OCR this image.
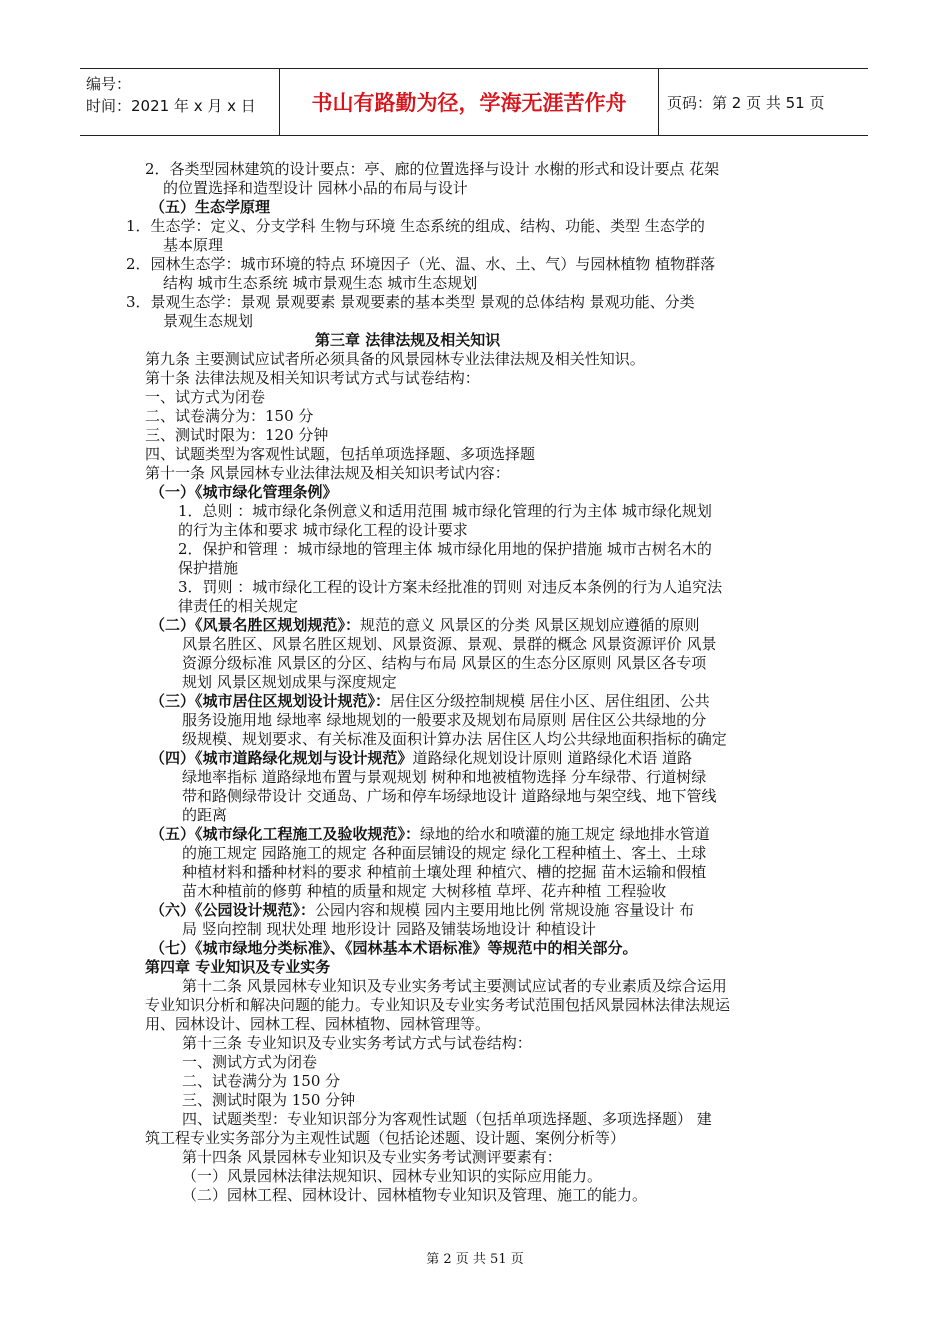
编号：
时间：2021 年 x 月 x 日	书山有路勤为径，学海无涯苦作舟	页码：第 2 页 共 51 页
2．各类型园林建筑的设计要点：亭、廊的位置选择与设计 水榭的形式和设计要点 花架
的位置选择和造型设计 园林小品的布局与设计
（五）生态学原理
1．生态学：定义、分支学科 生物与环境 生态系统的组成、结构、功能、类型 生态学的
基本原理
2．园林生态学：城市环境的特点 环境因子（光、温、水、土、气）与园林植物 植物群落
结构 城市生态系统 城市景观生态 城市生态规划
3．景观生态学：景观 景观要素 景观要素的基本类型 景观的总体结构 景观功能、分类
景观生态规划
第三章 法律法规及相关知识
第九条 主要测试应试者所必须具备的风景园林专业法律法规及相关性知识。
第十条 法律法规及相关知识考试方式与试卷结构：
一、试方式为闭卷
二、试卷满分为：150 分
三、测试时限为：120 分钟
四、试题类型为客观性试题，包括单项选择题、多项选择题
第十一条 风景园林专业法律法规及相关知识考试内容：
（一）《城市绿化管理条例》
1．总则 ：城市绿化条例意义和适用范围 城市绿化管理的行为主体 城市绿化规划
的行为主体和要求 城市绿化工程的设计要求
2．保护和管理 ：城市绿地的管理主体 城市绿化用地的保护措施 城市古树名木的
保护措施
3．罚则 ：城市绿化工程的设计方案未经批准的罚则 对违反本条例的行为人追究法
律责任的相关规定
（二）《风景名胜区规划规范》：规范的意义 风景区的分类 风景区规划应遵循的原则
风景名胜区、风景名胜区规划、风景资源、景观、景群的概念 风景资源评价 风景
资源分级标准 风景区的分区、结构与布局 风景区的生态分区原则 风景区各专项
规划 风景区规划成果与深度规定
（三）《城市居住区规划设计规范》：居住区分级控制规模 居住小区、居住组团、公共
服务设施用地 绿地率 绿地规划的一般要求及规划布局原则 居住区公共绿地的分
级规模、规划要求、有关标准及面积计算办法 居住区人均公共绿地面积指标的确定
（四）《城市道路绿化规划与设计规范》道路绿化规划设计原则 道路绿化术语 道路
绿地率指标 道路绿地布置与景观规划 树种和地被植物选择 分车绿带、行道树绿
带和路侧绿带设计 交通岛、广场和停车场绿地设计 道路绿地与架空线、地下管线
的距离
（五）《城市绿化工程施工及验收规范》：绿地的给水和喷灌的施工规定 绿地排水管道
的施工规定 园路施工的规定 各种面层铺设的规定 绿化工程种植土、客土、土球
种植材料和播种材料的要求 种植前土壤处理 种植穴、槽的挖掘 苗木运输和假植
苗木种植前的修剪 种植的质量和规定 大树移植 草坪、花卉种植 工程验收
（六）《公园设计规范》：公园内容和规模 园内主要用地比例 常规设施 容量设计 布
局 竖向控制 现状处理 地形设计 园路及铺装场地设计 种植设计
（七）《城市绿地分类标准》、《园林基本术语标准》等规范中的相关部分。
第四章 专业知识及专业实务
第十二条 风景园林专业知识及专业实务考试主要测试应试者的专业素质及综合运用
专业知识分析和解决问题的能力。专业知识及专业实务考试范围包括风景园林法律法规运
用、园林设计、园林工程、园林植物、园林管理等。
第十三条 专业知识及专业实务考试方式与试卷结构：
一、测试方式为闭卷
二、试卷满分为 150 分
三、测试时限为 150 分钟
四、试题类型：专业知识部分为客观性试题（包括单项选择题、多项选择题） 建
筑工程专业实务部分为主观性试题（包括论述题、设计题、案例分析等）
第十四条 风景园林专业知识及专业实务考试测评要素有：
（一）风景园林法律法规知识、园林专业知识的实际应用能力。
（二）园林工程、园林设计、园林植物专业知识及管理、施工的能力。
第 2 页 共 51 页
